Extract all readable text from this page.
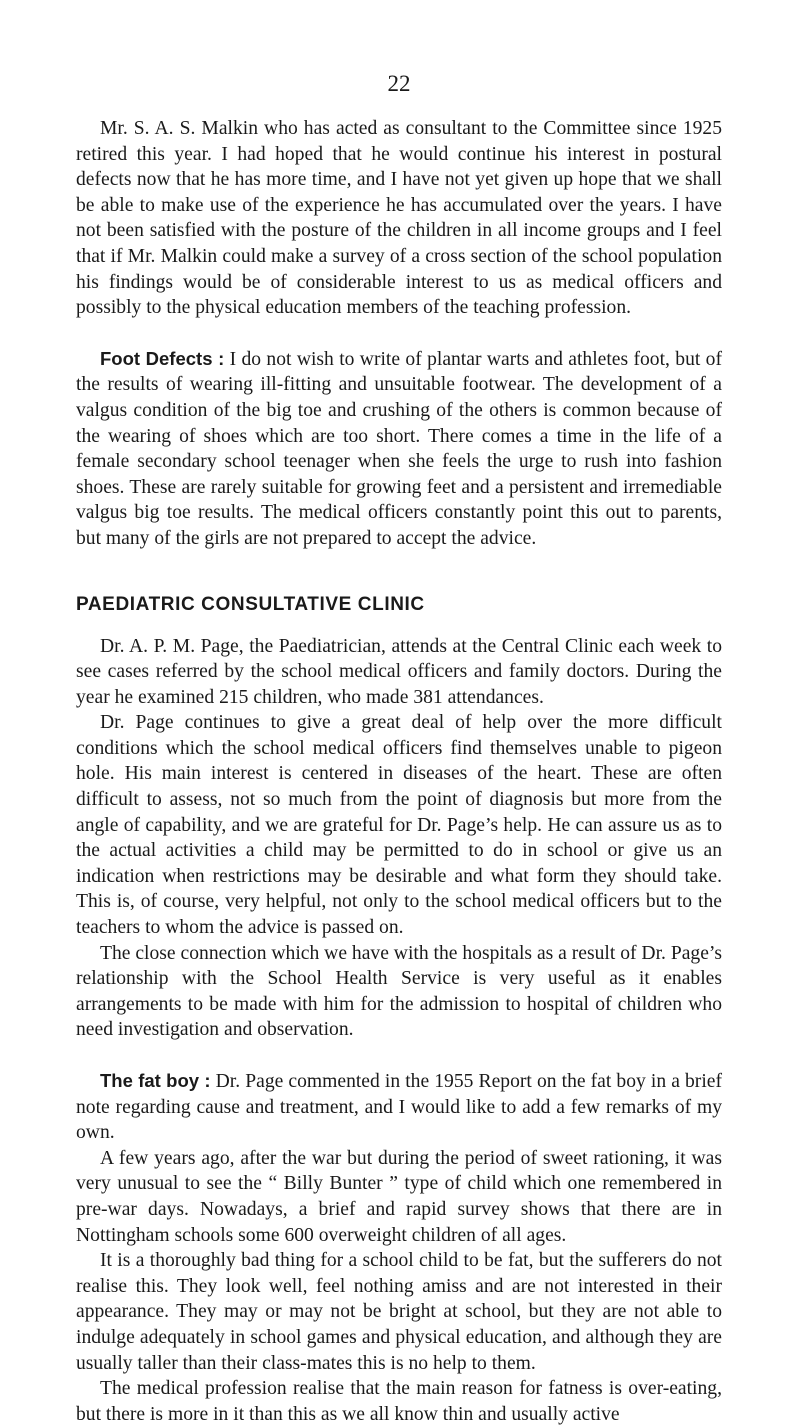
22

Mr. S. A. S. Malkin who has acted as consultant to the Committee since 1925 retired this year. I had hoped that he would continue his interest in postural defects now that he has more time, and I have not yet given up hope that we shall be able to make use of the experience he has accumulated over the years. I have not been satisfied with the posture of the children in all income groups and I feel that if Mr. Malkin could make a survey of a cross section of the school population his findings would be of considerable interest to us as medical officers and possibly to the physical education members of the teaching profession.

Foot Defects : I do not wish to write of plantar warts and athletes foot, but of the results of wearing ill-fitting and unsuitable footwear. The development of a valgus condition of the big toe and crushing of the others is common because of the wearing of shoes which are too short. There comes a time in the life of a female secondary school teenager when she feels the urge to rush into fashion shoes. These are rarely suitable for growing feet and a persistent and irremediable valgus big toe results. The medical officers constantly point this out to parents, but many of the girls are not prepared to accept the advice.

PAEDIATRIC CONSULTATIVE CLINIC

Dr. A. P. M. Page, the Paediatrician, attends at the Central Clinic each week to see cases referred by the school medical officers and family doctors. During the year he examined 215 children, who made 381 attendances.

Dr. Page continues to give a great deal of help over the more difficult conditions which the school medical officers find themselves unable to pigeon hole. His main interest is centered in diseases of the heart. These are often difficult to assess, not so much from the point of diagnosis but more from the angle of capability, and we are grateful for Dr. Page’s help. He can assure us as to the actual activities a child may be permitted to do in school or give us an indication when restrictions may be desirable and what form they should take. This is, of course, very helpful, not only to the school medical officers but to the teachers to whom the advice is passed on.

The close connection which we have with the hospitals as a result of Dr. Page’s relationship with the School Health Service is very useful as it enables arrangements to be made with him for the admission to hospital of children who need investigation and observation.

The fat boy : Dr. Page commented in the 1955 Report on the fat boy in a brief note regarding cause and treatment, and I would like to add a few remarks of my own.

A few years ago, after the war but during the period of sweet rationing, it was very unusual to see the “ Billy Bunter ” type of child which one remembered in pre-war days. Nowadays, a brief and rapid survey shows that there are in Nottingham schools some 600 overweight children of all ages.

It is a thoroughly bad thing for a school child to be fat, but the sufferers do not realise this. They look well, feel nothing amiss and are not interested in their appearance. They may or may not be bright at school, but they are not able to indulge adequately in school games and physical education, and although they are usually taller than their class-mates this is no help to them.

The medical profession realise that the main reason for fatness is over-eating, but there is more in it than this as we all know thin and usually active
